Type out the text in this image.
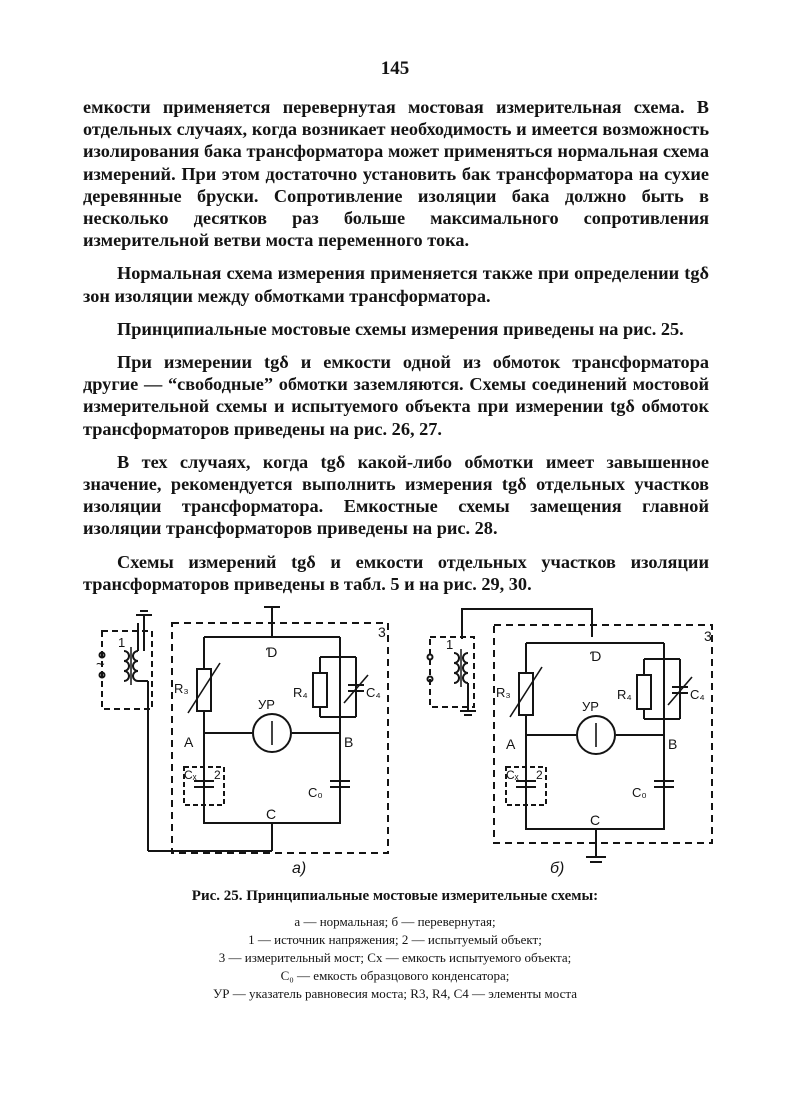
145

емкости применяется перевернутая мостовая измерительная схема. В отдельных случаях, когда возникает необходимость и имеется возможность изолирования бака трансформатора может применяться нормальная схема измерений. При этом достаточно установить бак трансформатора на сухие деревянные бруски. Сопротивление изоляции бака должно быть в несколько десятков раз больше максимального сопротивления измерительной ветви моста переменного тока.

Нормальная схема измерения применяется также при определении tgδ зон изоляции между обмотками трансформатора.

Принципиальные мостовые схемы измерения приведены на рис. 25.

При измерении tgδ и емкости одной из обмоток трансформатора другие — “свободные” обмотки заземляются. Схемы соединений мостовой измерительной схемы и испытуемого объекта при измерении tgδ обмоток трансформаторов приведены на рис. 26, 27.

В тех случаях, когда tgδ какой-либо обмотки имеет завышенное значение, рекомендуется выполнить измерения tgδ отдельных участков изоляции трансформатора. Емкостные схемы замещения главной изоляции трансформаторов приведены на рис. 28.

Схемы измерений tgδ и емкости отдельных участков изоляции трансформаторов приведены в табл. 5 и на рис. 29, 30.

3
1
~
Ɗ
R₃	R₄	C₄
УР
A	B
Cₓ 2
C₀
C
а)
3
1
Ɗ
R₃	R₄	C₄
УР
A	B
Cₓ 2
C₀
C
б)
Рис. 25. Принципиальные мостовые измерительные схемы:
а — нормальная; б — перевернутая;
1 — источник напряжения; 2 — испытуемый объект;
3 — измерительный мост; Cx — емкость испытуемого объекта;
C₀ — емкость образцового конденсатора;
УР — указатель равновесия моста; R3, R4, C4 — элементы моста
